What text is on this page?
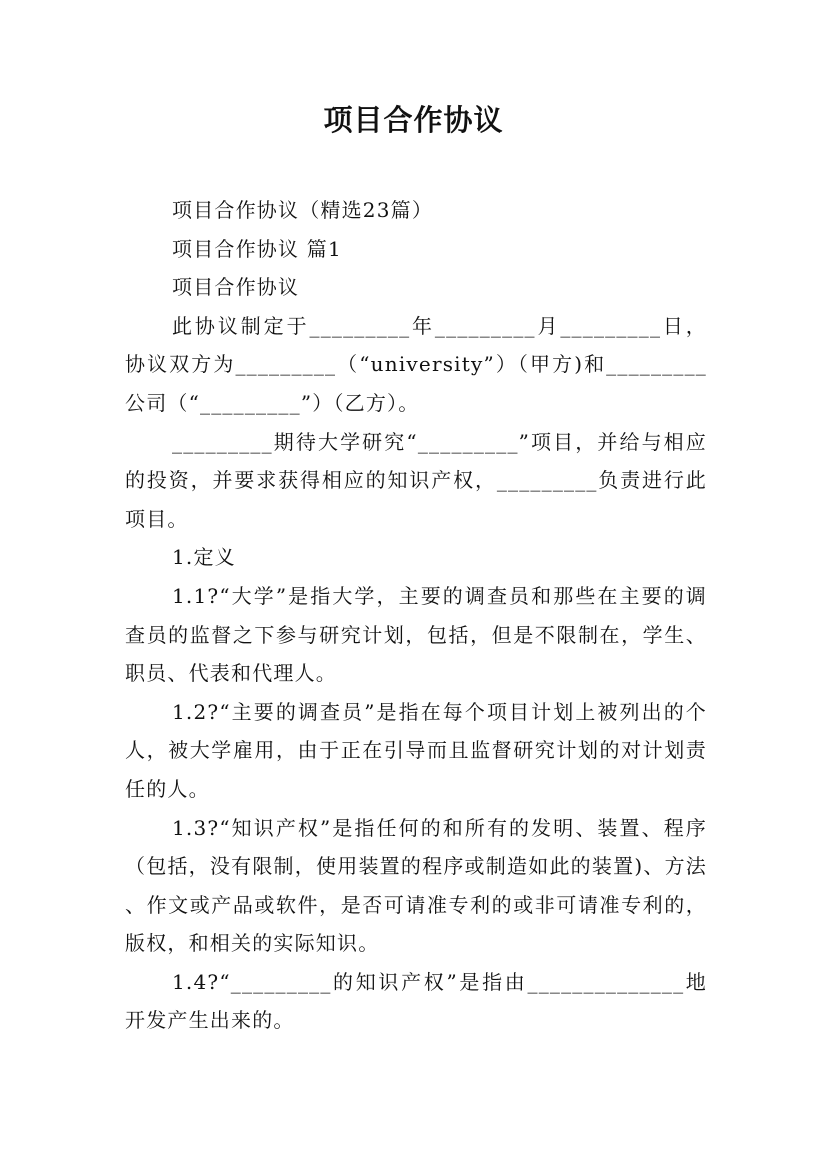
项目合作协议

项目合作协议（精选23篇）

项目合作协议 篇1

项目合作协议

此协议制定于_________年_________月_________日，协议双方为_________（“university”）（甲方)和_________公司（“_________”）（乙方）。

_________期待大学研究“_________”项目，并给与相应的投资，并要求获得相应的知识产权，_________负责进行此项目。

1.定义

1.1?“大学”是指大学，主要的调查员和那些在主要的调查员的监督之下参与研究计划，包括，但是不限制在，学生、职员、代表和代理人。

1.2?“主要的调查员”是指在每个项目计划上被列出的个人，被大学雇用，由于正在引导而且监督研究计划的对计划责任的人。

1.3?“知识产权”是指任何的和所有的发明、装置、程序（包括，没有限制，使用装置的程序或制造如此的装置)、方法、作文或产品或软件，是否可请准专利的或非可请准专利的，版权，和相关的实际知识。

1.4?“_________的知识产权”是指由______________地开发产生出来的。
